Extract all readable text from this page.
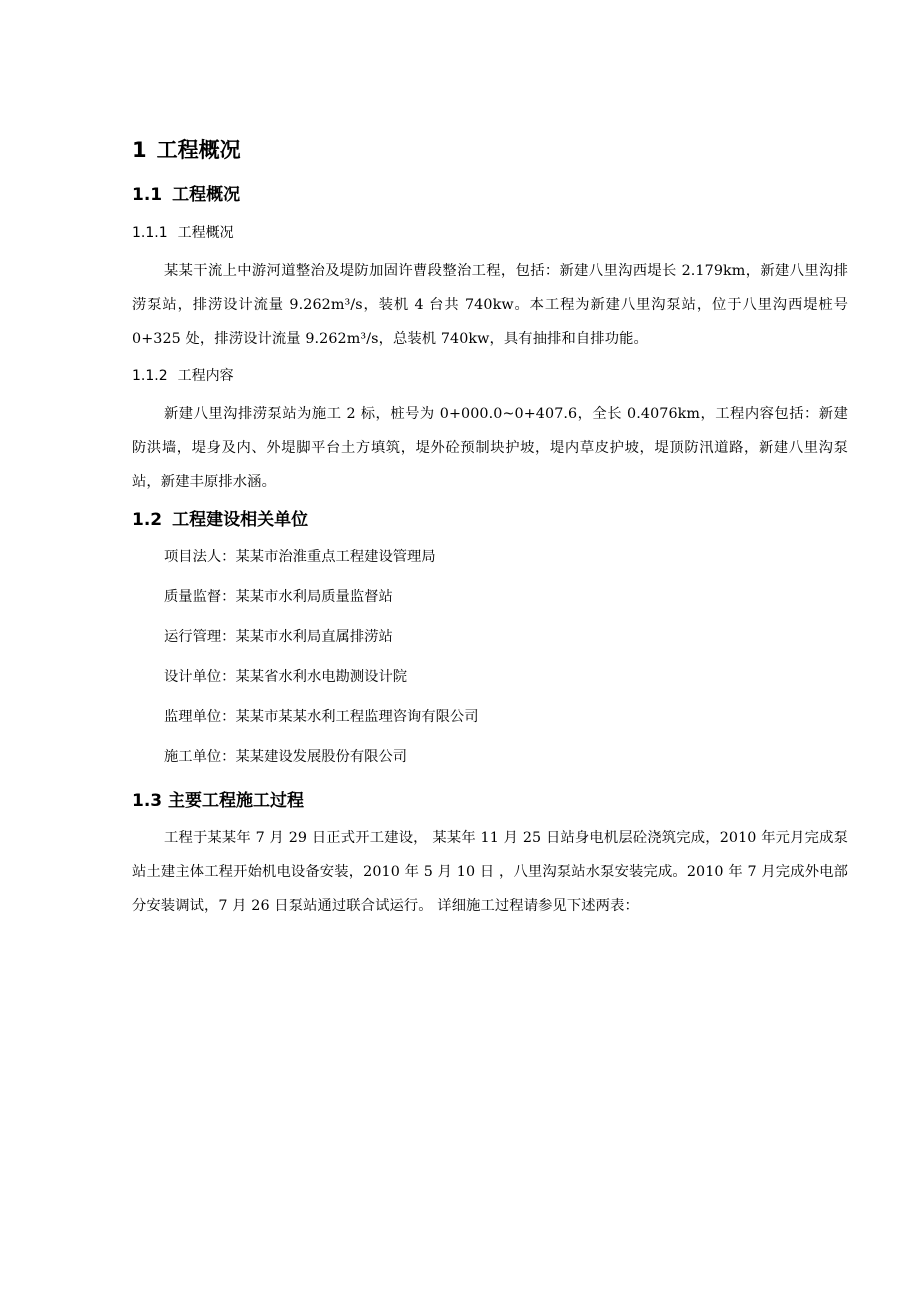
1 工程概况
1.1 工程概况
1.1.1 工程概况

某某干流上中游河道整治及堤防加固许曹段整治工程，包括：新建八里沟西堤长 2.179km，新建八里沟排涝泵站，排涝设计流量 9.262m³/s，装机 4 台共 740kw。本工程为新建八里沟泵站，位于八里沟西堤桩号 0+325 处，排涝设计流量 9.262m³/s，总装机 740kw，具有抽排和自排功能。

1.1.2 工程内容

新建八里沟排涝泵站为施工 2 标，桩号为 0+000.0~0+407.6，全长 0.4076km，工程内容包括：新建防洪墙，堤身及内、外堤脚平台土方填筑，堤外砼预制块护坡，堤内草皮护坡，堤顶防汛道路，新建八里沟泵站，新建丰原排水涵。

1.2 工程建设相关单位
项目法人：某某市治淮重点工程建设管理局
质量监督：某某市水利局质量监督站
运行管理：某某市水利局直属排涝站
设计单位：某某省水利水电勘测设计院
监理单位：某某市某某水利工程监理咨询有限公司
施工单位：某某建设发展股份有限公司
1.3 主要工程施工过程

工程于某某年 7 月 29 日正式开工建设， 某某年 11 月 25 日站身电机层砼浇筑完成，2010 年元月完成泵站土建主体工程开始机电设备安装，2010 年 5 月 10 日 ，八里沟泵站水泵安装完成。2010 年 7 月完成外电部分安装调试，7 月 26 日泵站通过联合试运行。 详细施工过程请参见下述两表：
